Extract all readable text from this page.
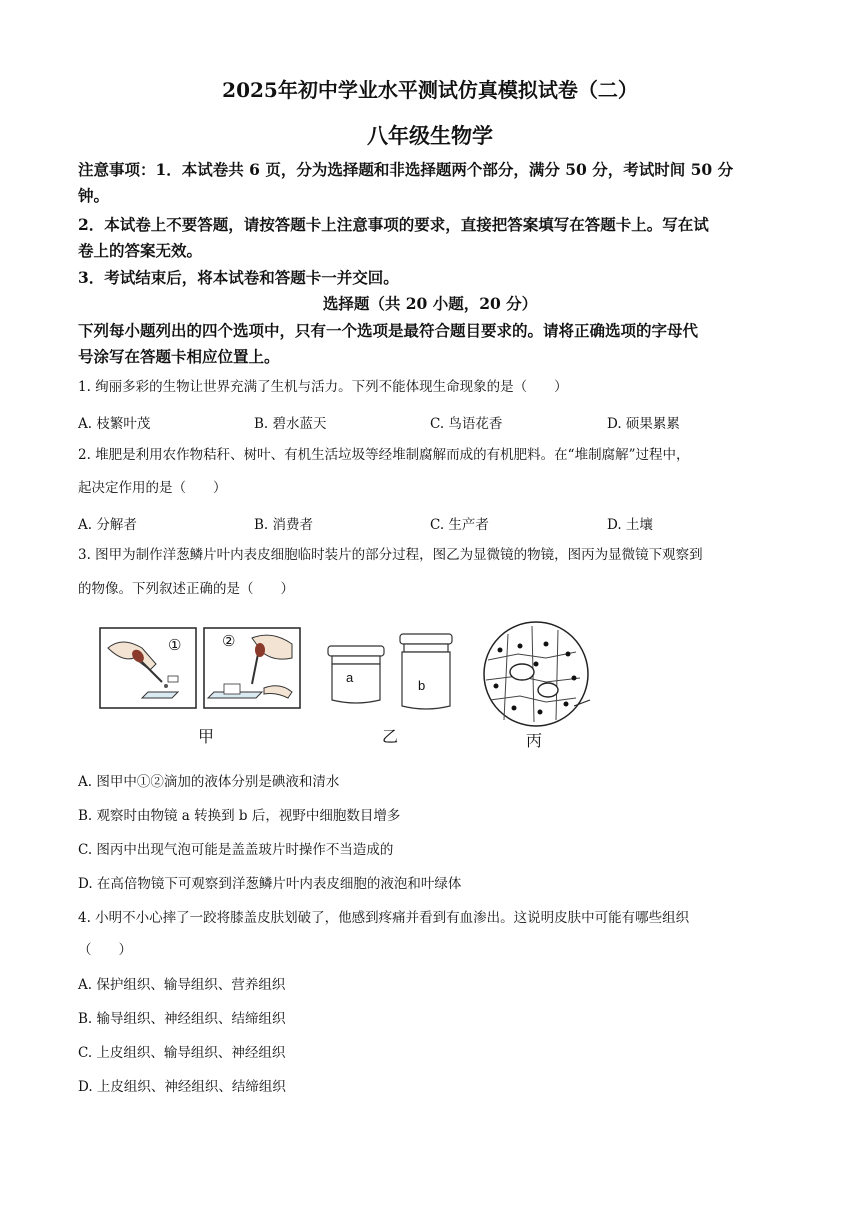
2025年初中学业水平测试仿真模拟试卷（二）
八年级生物学
注意事项：1．本试卷共 6 页，分为选择题和非选择题两个部分，满分 50 分，考试时间 50 分
钟。
2．本试卷上不要答题，请按答题卡上注意事项的要求，直接把答案填写在答题卡上。写在试
卷上的答案无效。
3．考试结束后，将本试卷和答题卡一并交回。
选择题（共 20 小题，20 分）
下列每小题列出的四个选项中，只有一个选项是最符合题目要求的。请将正确选项的字母代
号涂写在答题卡相应位置上。
1. 绚丽多彩的生物让世界充满了生机与活力。下列不能体现生命现象的是（　　）
A. 枝繁叶茂	B. 碧水蓝天	C. 鸟语花香	D. 硕果累累
2. 堆肥是利用农作物秸秆、树叶、有机生活垃圾等经堆制腐解而成的有机肥料。在“堆制腐解”过程中，
起决定作用的是（　　）
A. 分解者	B. 消费者	C. 生产者	D. 土壤
3. 图甲为制作洋葱鳞片叶内表皮细胞临时装片的部分过程，图乙为显微镜的物镜，图丙为显微镜下观察到
的物像。下列叙述正确的是（　　）
①	②
a
b
甲	乙	丙
A. 图甲中①②滴加的液体分别是碘液和清水
B. 观察时由物镜 a 转换到 b 后，视野中细胞数目增多
C. 图丙中出现气泡可能是盖盖玻片时操作不当造成的
D. 在高倍物镜下可观察到洋葱鳞片叶内表皮细胞的液泡和叶绿体
4. 小明不小心摔了一跤将膝盖皮肤划破了，他感到疼痛并看到有血渗出。这说明皮肤中可能有哪些组织
（　　）
A. 保护组织、输导组织、营养组织
B. 输导组织、神经组织、结缔组织
C. 上皮组织、输导组织、神经组织
D. 上皮组织、神经组织、结缔组织
